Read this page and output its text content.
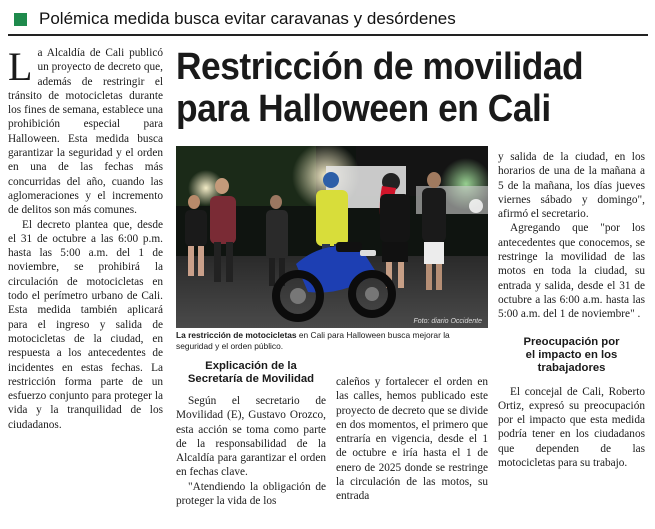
Polémica medida busca evitar caravanas y desórdenes

La Alcaldía de Cali publicó un proyecto de decreto que, además de restringir el tránsito de motocicletas durante los fines de semana, establece una prohibición especial para Halloween. Esta medida busca garantizar la seguridad y el orden en una de las fechas más concurridas del año, cuando las aglomeraciones y el incremento de delitos son más comunes.

El decreto plantea que, desde el 31 de octubre a las 6:00 p.m. hasta las 5:00 a.m. del 1 de noviembre, se prohibirá la circulación de motocicletas en todo el perímetro urbano de Cali. Esta medida también aplicará para el ingreso y salida de motocicletas de la ciudad, en respuesta a los antecedentes de incidentes en estas fechas. La restricción forma parte de un esfuerzo conjunto para proteger la vida y la tranquilidad de los ciudadanos.

Restricción de movilidad
para Halloween en Cali
Foto: diario Occidente
La restricción de motocicletas en Cali para Halloween busca mejorar la seguridad y el orden público.
Explicación de la
Secretaría de Movilidad

Según el secretario de Movilidad (E), Gustavo Orozco, esta acción se toma como parte de la responsabilidad de la Alcaldía para garantizar el orden en fechas clave.

"Atendiendo la obligación de proteger la vida de los

caleños y fortalecer el orden en las calles, hemos publicado este proyecto de decreto que se divide en dos momentos, el primero que entraría en vigencia, desde el 1 de octubre e iría hasta el 1 de enero de 2025 donde se restringe la circulación de las motos, su entrada

y salida de la ciudad, en los horarios de una de la mañana a 5 de la mañana, los días jueves viernes sábado y domingo", afirmó el secretario.

Agregando que "por los antecedentes que conocemos, se restringe la movilidad de las motos en toda la ciudad, su entrada y salida, desde el 31 de octubre a las 6:00 a.m. hasta las 5:00 a.m. del 1 de noviembre" .

Preocupación por
el impacto en los
trabajadores

El concejal de Cali, Roberto Ortiz, expresó su preocupación por el impacto que esta medida podría tener en los ciudadanos que dependen de las motocicletas para su trabajo.
